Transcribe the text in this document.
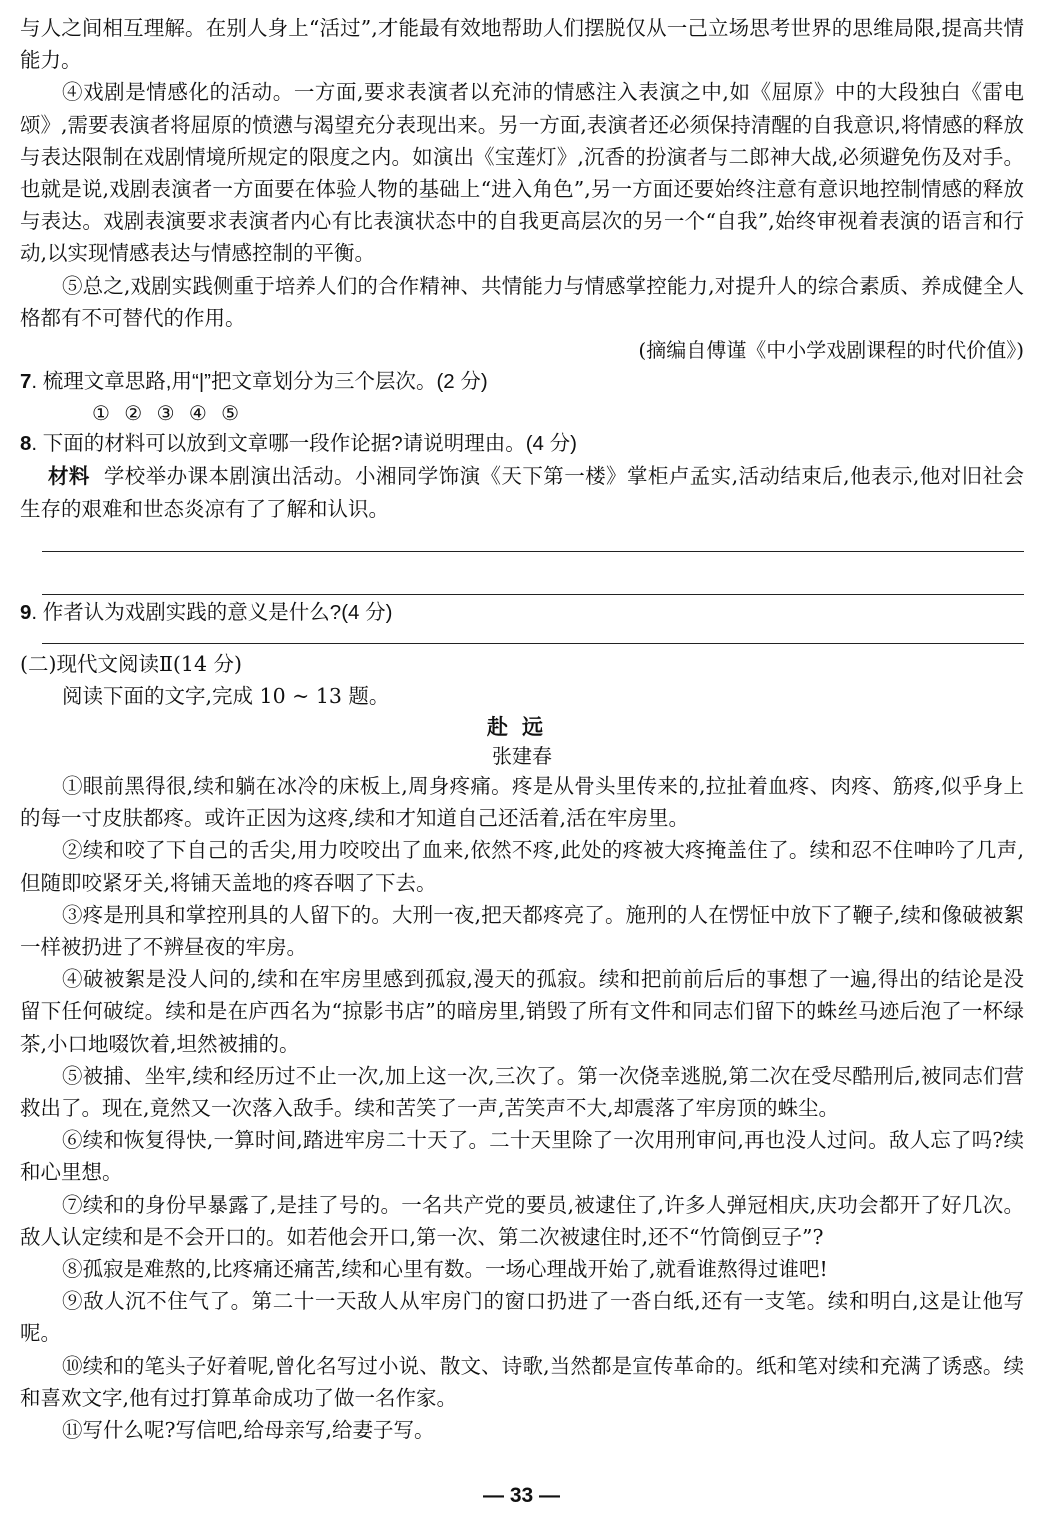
与人之间相互理解。在别人身上“活过”,才能最有效地帮助人们摆脱仅从一己立场思考世界的思维局限,提高共情能力。

④戏剧是情感化的活动。一方面,要求表演者以充沛的情感注入表演之中,如《屈原》中的大段独白《雷电颂》,需要表演者将屈原的愤懑与渴望充分表现出来。另一方面,表演者还必须保持清醒的自我意识,将情感的释放与表达限制在戏剧情境所规定的限度之内。如演出《宝莲灯》,沉香的扮演者与二郎神大战,必须避免伤及对手。也就是说,戏剧表演者一方面要在体验人物的基础上“进入角色”,另一方面还要始终注意有意识地控制情感的释放与表达。戏剧表演要求表演者内心有比表演状态中的自我更高层次的另一个“自我”,始终审视着表演的语言和行动,以实现情感表达与情感控制的平衡。

⑤总之,戏剧实践侧重于培养人们的合作精神、共情能力与情感掌控能力,对提升人的综合素质、养成健全人格都有不可替代的作用。

(摘编自傅谨《中小学戏剧课程的时代价值》)

7. 梳理文章思路,用“|”把文章划分为三个层次。(2 分)

① ② ③ ④ ⑤

8. 下面的材料可以放到文章哪一段作论据?请说明理由。(4 分)

材料 学校举办课本剧演出活动。小湘同学饰演《天下第一楼》掌柜卢孟实,活动结束后,他表示,他对旧社会生存的艰难和世态炎凉有了了解和认识。

9. 作者认为戏剧实践的意义是什么?(4 分)

(二)现代文阅读Ⅱ(14 分)

阅读下面的文字,完成 10 ~ 13 题。

赴远

张建春

①眼前黑得很,续和躺在冰冷的床板上,周身疼痛。疼是从骨头里传来的,拉扯着血疼、肉疼、筋疼,似乎身上的每一寸皮肤都疼。或许正因为这疼,续和才知道自己还活着,活在牢房里。

②续和咬了下自己的舌尖,用力咬咬出了血来,依然不疼,此处的疼被大疼掩盖住了。续和忍不住呻吟了几声,但随即咬紧牙关,将铺天盖地的疼吞咽了下去。

③疼是刑具和掌控刑具的人留下的。大刑一夜,把天都疼亮了。施刑的人在愣怔中放下了鞭子,续和像破被絮一样被扔进了不辨昼夜的牢房。

④破被絮是没人问的,续和在牢房里感到孤寂,漫天的孤寂。续和把前前后后的事想了一遍,得出的结论是没留下任何破绽。续和是在庐西名为“掠影书店”的暗房里,销毁了所有文件和同志们留下的蛛丝马迹后泡了一杯绿茶,小口地啜饮着,坦然被捕的。

⑤被捕、坐牢,续和经历过不止一次,加上这一次,三次了。第一次侥幸逃脱,第二次在受尽酷刑后,被同志们营救出了。现在,竟然又一次落入敌手。续和苦笑了一声,苦笑声不大,却震落了牢房顶的蛛尘。

⑥续和恢复得快,一算时间,踏进牢房二十天了。二十天里除了一次用刑审问,再也没人过问。敌人忘了吗?续和心里想。

⑦续和的身份早暴露了,是挂了号的。一名共产党的要员,被逮住了,许多人弹冠相庆,庆功会都开了好几次。敌人认定续和是不会开口的。如若他会开口,第一次、第二次被逮住时,还不“竹筒倒豆子”?

⑧孤寂是难熬的,比疼痛还痛苦,续和心里有数。一场心理战开始了,就看谁熬得过谁吧!

⑨敌人沉不住气了。第二十一天敌人从牢房门的窗口扔进了一沓白纸,还有一支笔。续和明白,这是让他写呢。

⑩续和的笔头子好着呢,曾化名写过小说、散文、诗歌,当然都是宣传革命的。纸和笔对续和充满了诱惑。续和喜欢文字,他有过打算革命成功了做一名作家。

⑪写什么呢?写信吧,给母亲写,给妻子写。

— 33 —
